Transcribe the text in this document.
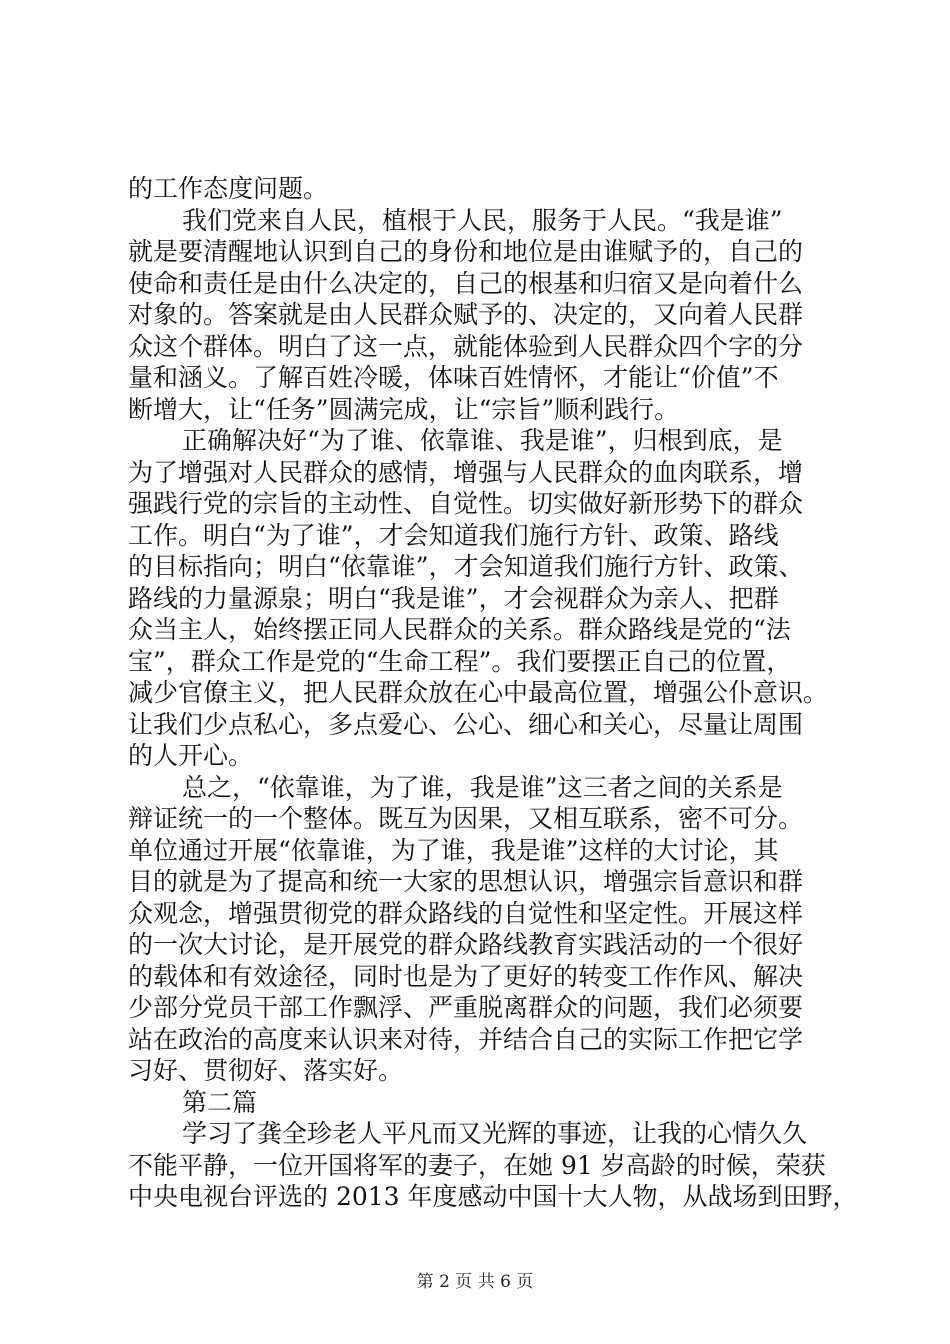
的工作态度问题。
我们党来自人民，植根于人民，服务于人民。“我是谁”
就是要清醒地认识到自己的身份和地位是由谁赋予的，自己的
使命和责任是由什么决定的，自己的根基和归宿又是向着什么
对象的。答案就是由人民群众赋予的、决定的，又向着人民群
众这个群体。明白了这一点，就能体验到人民群众四个字的分
量和涵义。了解百姓冷暖，体味百姓情怀，才能让“价值”不
断增大，让“任务”圆满完成，让“宗旨”顺利践行。
正确解决好“为了谁、依靠谁、我是谁”，归根到底，是
为了增强对人民群众的感情，增强与人民群众的血肉联系，增
强践行党的宗旨的主动性、自觉性。切实做好新形势下的群众
工作。明白“为了谁”，才会知道我们施行方针、政策、路线
的目标指向；明白“依靠谁”，才会知道我们施行方针、政策、
路线的力量源泉；明白“我是谁”，才会视群众为亲人、把群
众当主人，始终摆正同人民群众的关系。群众路线是党的“法
宝”，群众工作是党的“生命工程”。我们要摆正自己的位置，
减少官僚主义，把人民群众放在心中最高位置，增强公仆意识。
让我们少点私心，多点爱心、公心、细心和关心，尽量让周围
的人开心。
总之，“依靠谁，为了谁，我是谁”这三者之间的关系是
辩证统一的一个整体。既互为因果，又相互联系，密不可分。
单位通过开展“依靠谁，为了谁，我是谁”这样的大讨论，其
目的就是为了提高和统一大家的思想认识，增强宗旨意识和群
众观念，增强贯彻党的群众路线的自觉性和坚定性。开展这样
的一次大讨论，是开展党的群众路线教育实践活动的一个很好
的载体和有效途径，同时也是为了更好的转变工作作风、解决
少部分党员干部工作飘浮、严重脱离群众的问题，我们必须要
站在政治的高度来认识来对待，并结合自己的实际工作把它学
习好、贯彻好、落实好。
第二篇
学习了龚全珍老人平凡而又光辉的事迹，让我的心情久久
不能平静，一位开国将军的妻子，在她 91 岁高龄的时候，荣获
中央电视台评选的 2013 年度感动中国十大人物，从战场到田野，
第 2 页 共 6 页
